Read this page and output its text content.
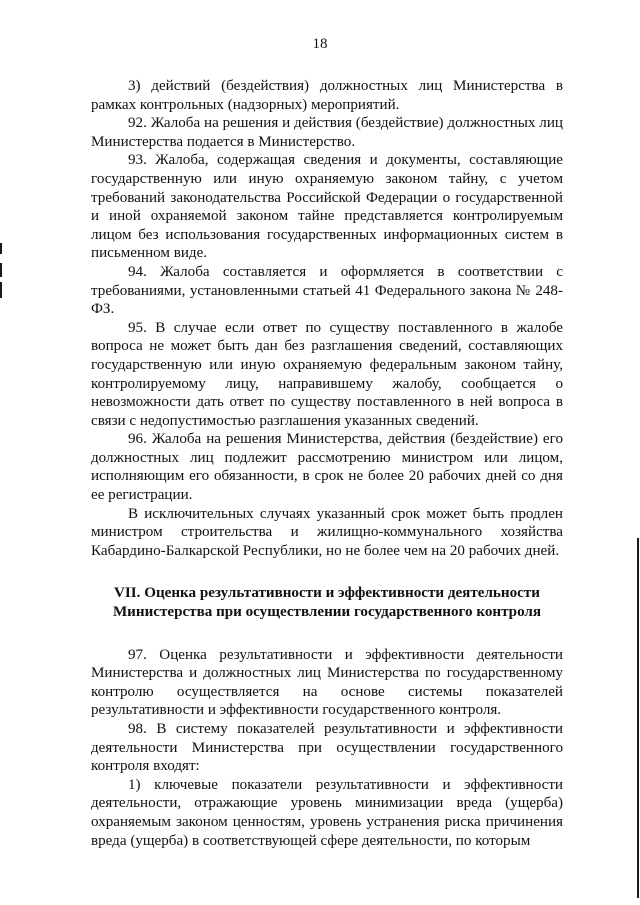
18

3) действий (бездействия) должностных лиц Министерства в рамках контрольных (надзорных) мероприятий.

92. Жалоба на решения и действия (бездействие) должностных лиц Министерства подается в Министерство.

93. Жалоба, содержащая сведения и документы, составляющие государственную или иную охраняемую законом тайну, с учетом требований законодательства Российской Федерации о государственной и иной охраняемой законом тайне представляется контролируемым лицом без использования государственных информационных систем в письменном виде.

94. Жалоба составляется и оформляется в соответствии с требованиями, установленными статьей 41 Федерального закона № 248-ФЗ.

95. В случае если ответ по существу поставленного в жалобе вопроса не может быть дан без разглашения сведений, составляющих государственную или иную охраняемую федеральным законом тайну, контролируемому лицу, направившему жалобу, сообщается о невозможности дать ответ по существу поставленного в ней вопроса в связи с недопустимостью разглашения указанных сведений.

96. Жалоба на решения Министерства, действия (бездействие) его должностных лиц подлежит рассмотрению министром или лицом, исполняющим его обязанности, в срок не более 20 рабочих дней со дня ее регистрации.

В исключительных случаях указанный срок может быть продлен министром строительства и жилищно-коммунального хозяйства Кабардино-Балкарской Республики, но не более чем на 20 рабочих дней.

VII. Оценка результативности и эффективности деятельности
Министерства при осуществлении государственного контроля

97. Оценка результативности и эффективности деятельности Министерства и должностных лиц Министерства по государственному контролю осуществляется на основе системы показателей результативности и эффективности государственного контроля.

98. В систему показателей результативности и эффективности деятельности Министерства при осуществлении государственного контроля входят:

1) ключевые показатели результативности и эффективности деятельности, отражающие уровень минимизации вреда (ущерба) охраняемым законом ценностям, уровень устранения риска причинения вреда (ущерба) в соответствующей сфере деятельности, по которым
